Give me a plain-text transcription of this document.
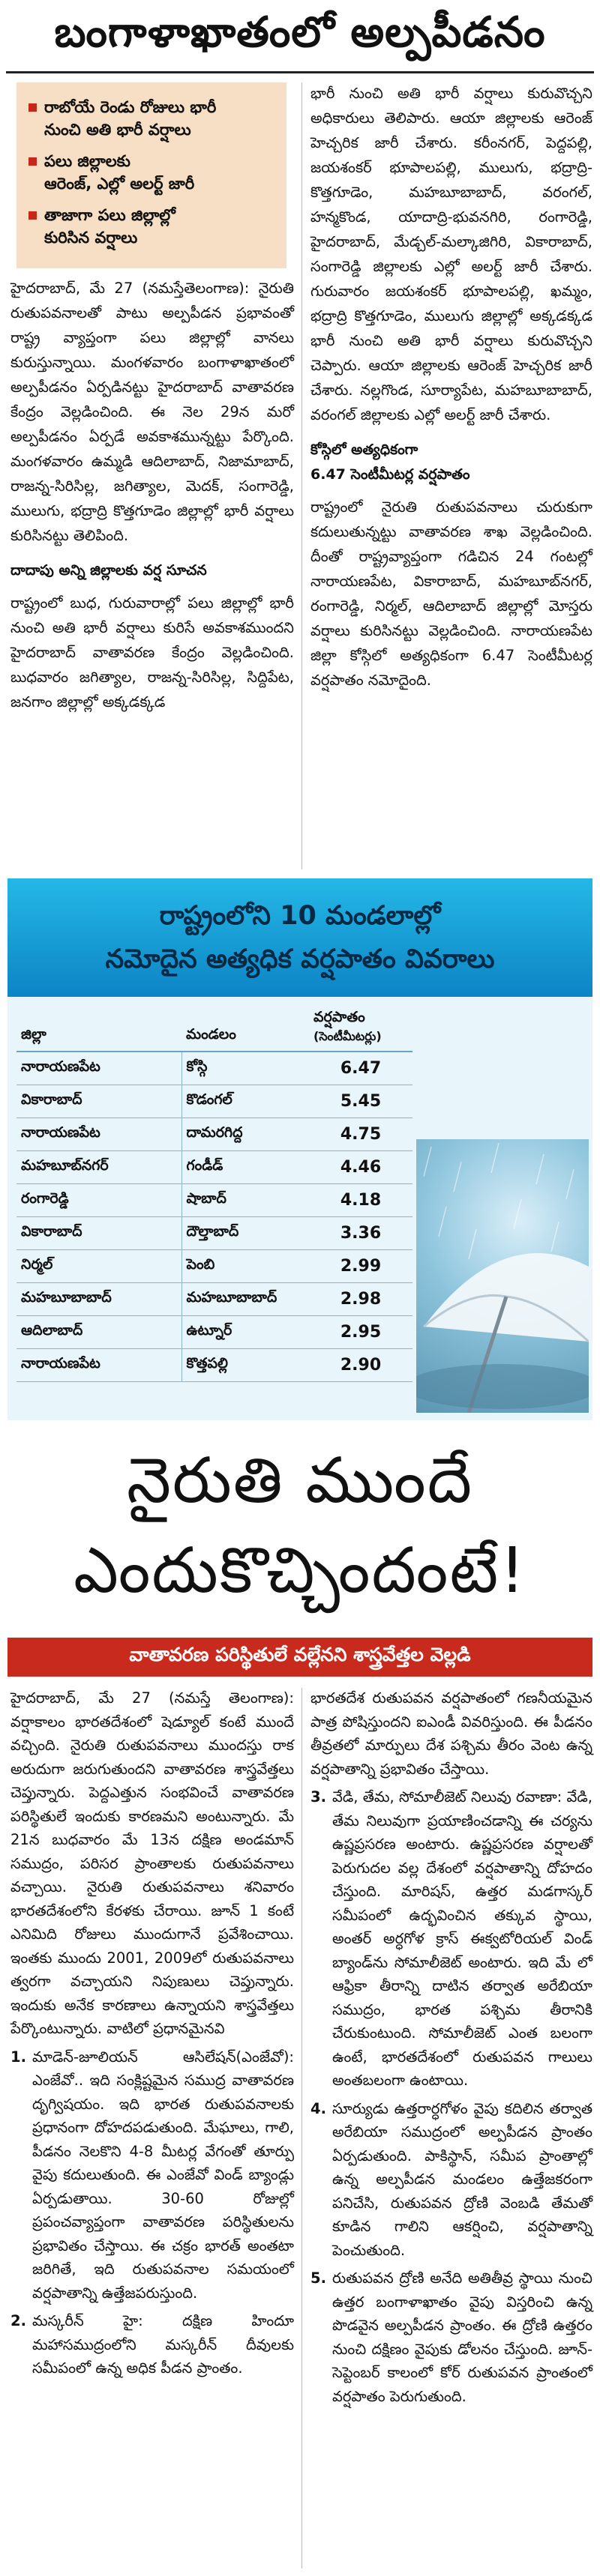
బంగాళాఖాతంలో అల్పపీడనం
రాబోయే రెండు రోజులు భారీ
నుంచి అతి భారీ వర్షాలు
పలు జిల్లాలకు
ఆరెంజ్, ఎల్లో అలర్ట్ జారీ
తాజాగా పలు జిల్లాల్లో
కురిసిన వర్షాలు

హైదరాబాద్, మే 27 (నమస్తేతెలంగాణ): నైరుతి రుతుపవనాలతో పాటు అల్పపీడన ప్రభావంతో రాష్ట్ర వ్యాప్తంగా పలు జిల్లాల్లో వానలు కురుస్తున్నాయి. మంగళవారం బంగాళాఖాతంలో అల్పపీడనం ఏర్పడినట్టు హైదరాబాద్ వాతావరణ కేంద్రం వెల్లడించింది. ఈ నెల 29న మరో అల్పపీడనం ఏర్పడే అవకాశమున్నట్టు పేర్కొంది. మంగళవారం ఉమ్మడి ఆదిలాబాద్, నిజామాబాద్, రాజన్న-సిరిసిల్ల, జగిత్యాల, మెదక్, సంగారెడ్డి, ములుగు, భద్రాద్రి కొత్తగూడెం జిల్లాల్లో భారీ వర్షాలు కురిసినట్టు తెలిపింది.

దాదాపు అన్ని జిల్లాలకు వర్ష సూచన

రాష్ట్రంలో బుధ, గురువారాల్లో పలు జిల్లాల్లో భారీ నుంచి అతి భారీ వర్షాలు కురిసే అవకాశముందని హైదరాబాద్ వాతావరణ కేంద్రం వెల్లడించింది. బుధవారం జగిత్యాల, రాజన్న-సిరిసిల్ల, సిద్దిపేట, జనగాం జిల్లాల్లో అక్కడక్కడ

భారీ నుంచి అతి భారీ వర్షాలు కురువొచ్చని అధికారులు తెలిపారు. ఆయా జిల్లాలకు ఆరెంజ్ హెచ్చరిక జారీ చేశారు. కరీంనగర్, పెద్దపల్లి, జయశంకర్ భూపాలపల్లి, ములుగు, భద్రాద్రి-కొత్తగూడెం, మహబూబాబాద్, వరంగల్, హన్మకొండ, యాదాద్రి-భువనగిరి, రంగారెడ్డి, హైదరాబాద్, మేడ్చల్-మల్కాజిగిరి, వికారాబాద్, సంగారెడ్డి జిల్లాలకు ఎల్లో అలర్ట్ జారీ చేశారు. గురువారం జయశంకర్ భూపాలపల్లి, ఖమ్మం, భద్రాద్రి కొత్తగూడెం, ములుగు జిల్లాల్లో అక్కడక్కడ భారీ నుంచి అతి భారీ వర్షాలు కురువొచ్చని చెప్పారు. ఆయా జిల్లాలకు ఆరెంజ్ హెచ్చరిక జారీ చేశారు. నల్లగొండ, సూర్యాపేట, మహబూబాబాద్, వరంగల్ జిల్లాలకు ఎల్లో అలర్ట్ జారీ చేశారు.

కోస్గిలో అత్యధికంగా
6.47 సెంటీమీటర్ల వర్షపాతం

రాష్ట్రంలో నైరుతి రుతుపవనాలు చురుకుగా కదులుతున్నట్టు వాతావరణ శాఖ వెల్లడించింది. దీంతో రాష్ట్రవ్యాప్తంగా గడిచిన 24 గంటల్లో నారాయణపేట, వికారాబాద్, మహబూబ్‌నగర్, రంగారెడ్డి, నిర్మల్, ఆదిలాబాద్ జిల్లాల్లో మోస్తరు వర్షాలు కురిసినట్టు వెల్లడించింది. నారాయణపేట జిల్లా కోస్గిలో అత్యధికంగా 6.47 సెంటీమీటర్ల వర్షపాతం నమోదైంది.

రాష్ట్రంలోని 10 మండలాల్లో
నమోదైన అత్యధిక వర్షపాతం వివరాలు
జిల్లా	మండలం	వర్షపాతం
(సెంటీమీటర్లు)

నారాయణపేట	కోస్గి	6.47
వికారాబాద్	కొడంగల్	5.45
నారాయణపేట	దామరగిద్ద	4.75
మహబూబ్‌నగర్	గండీడ్	4.46
రంగారెడ్డి	షాబాద్	4.18
వికారాబాద్	దౌల్తాబాద్	3.36
నిర్మల్	పెంబి	2.99
మహబూబాబాద్	మహబూబాబాద్	2.98
ఆదిలాబాద్	ఉట్నూర్	2.95
నారాయణపేట	కొత్తపల్లి	2.90
నైరుతి ముందే
ఎందుకొచ్చిందంటే!
వాతావరణ పరిస్థితులే వల్లేనని శాస్త్రవేత్తల వెల్లడి

హైదరాబాద్, మే 27 (నమస్తే తెలంగాణ): వర్షాకాలం భారతదేశంలో షెడ్యూల్ కంటే ముందే వచ్చింది. నైరుతి రుతుపవనాలు ముందస్తు రాక అరుదుగా జరుగుతుందని వాతావరణ శాస్త్రవేత్తలు చెప్తున్నారు. పెద్దఎత్తున సంభవించే వాతావరణ పరిస్థితులే ఇందుకు కారణమని అంటున్నారు. మే 21న బుధవారం మే 13న దక్షిణ అండమాన్ సముద్రం, పరిసర ప్రాంతాలకు రుతుపవనాలు వచ్చాయి. నైరుతి రుతుపవనాలు శనివారం భారతదేశంలోని కేరళకు చేరాయి. జూన్ 1 కంటే ఎనిమిది రోజులు ముందుగానే ప్రవేశించాయి. ఇంతకు ముందు 2001, 2009లో రుతుపవనాలు త్వరగా వచ్చాయని నిపుణులు చెప్తున్నారు. ఇందుకు అనేక కారణాలు ఉన్నాయని శాస్త్రవేత్తలు పేర్కొంటున్నారు. వాటిలో ప్రధానమైనవి

1. మాడెన్-జూలియన్ ఆసిలేషన్(ఎంజేవో): ఎంజేవో.. ఇది సంక్లిష్టమైన సముద్ర వాతావరణ దృగ్విషయం. ఇది భారత రుతుపవనాలకు ప్రధానంగా దోహదపడుతుంది. మేఘాలు, గాలి, పీడనం నెలకొని 4-8 మీటర్ల వేగంతో తూర్పు వైపు కదులుతుంది. ఈ ఎంజేవో విండ్ బ్యాండ్లు ఏర్పడుతాయి. 30-60 రోజుల్లో ప్రపంచవ్యాప్తంగా వాతావరణ పరిస్థితులను ప్రభావితం చేస్తాయి. ఈ చక్రం భారత్ అంతటా జరిగితే, ఇది రుతుపవనాల సమయంలో వర్షపాతాన్ని ఉత్తేజపరుస్తుంది.

2. మస్కరీన్ హై: దక్షిణ హిందూ మహాసముద్రంలోని మస్కరీన్ దీవులకు సమీపంలో ఉన్న అధిక పీడన ప్రాంతం.

భారతదేశ రుతుపవన వర్షపాతంలో గణనీయమైన పాత్ర పోషిస్తుందని ఐఎండీ వివరిస్తుంది. ఈ పీడనం తీవ్రతలో మార్పులు దేశ పశ్చిమ తీరం వెంట ఉన్న వర్షపాతాన్ని ప్రభావితం చేస్తాయి.

3. వేడి, తేమ, సోమాలీజెట్ నిలువు రవాణా: వేడి, తేమ నిలువుగా ప్రయాణించడాన్ని ఈ చర్యను ఉష్ణప్రసరణ అంటారు. ఉష్ణప్రసరణ వర్షాలతో పెరుగుదల వల్ల దేశంలో వర్షపాతాన్ని దోహదం చేస్తుంది. మారిషస్, ఉత్తర మడగాస్కర్ సమీపంలో ఉద్భవించిన తక్కువ స్థాయి, అంతర్ అర్ధగోళ క్రాస్ ఈక్వటోరియల్ విండ్ బ్యాండ్‌ను సోమాలీజెట్ అంటారు. ఇది మే లో ఆఫ్రికా తీరాన్ని దాటిన తర్వాత అరేబియా సముద్రం, భారత పశ్చిమ తీరానికి చేరుకుంటుంది. సోమాలీజెట్ ఎంత బలంగా ఉంటే, భారతదేశంలో రుతుపవన గాలులు అంతబలంగా ఉంటాయి.

4. సూర్యుడు ఉత్తరార్ధగోళం వైపు కదిలిన తర్వాత అరేబియా సముద్రంలో అల్పపీడన ప్రాంతం ఏర్పడుతుంది. పాకిస్థాన్, సమీప ప్రాంతాల్లో ఉన్న అల్పపీడన మండలం ఉత్తేజకరంగా పనిచేసి, రుతుపవన ద్రోణి వెంబడి తేమతో కూడిన గాలిని ఆకర్షించి, వర్షపాతాన్ని పెంచుతుంది.

5. రుతుపవన ద్రోణి అనేది అతితీవ్ర స్థాయి నుంచి ఉత్తర బంగాళాఖాతం వైపు విస్తరించి ఉన్న పొడవైన అల్పపీడన ప్రాంతం. ఈ ద్రోణి ఉత్తరం నుంచి దక్షిణం వైపుకు డోలనం చేస్తుంది. జూన్-సెప్టెంబర్ కాలంలో కోర్ రుతుపవన ప్రాంతంలో వర్షపాతం పెరుగుతుంది.
